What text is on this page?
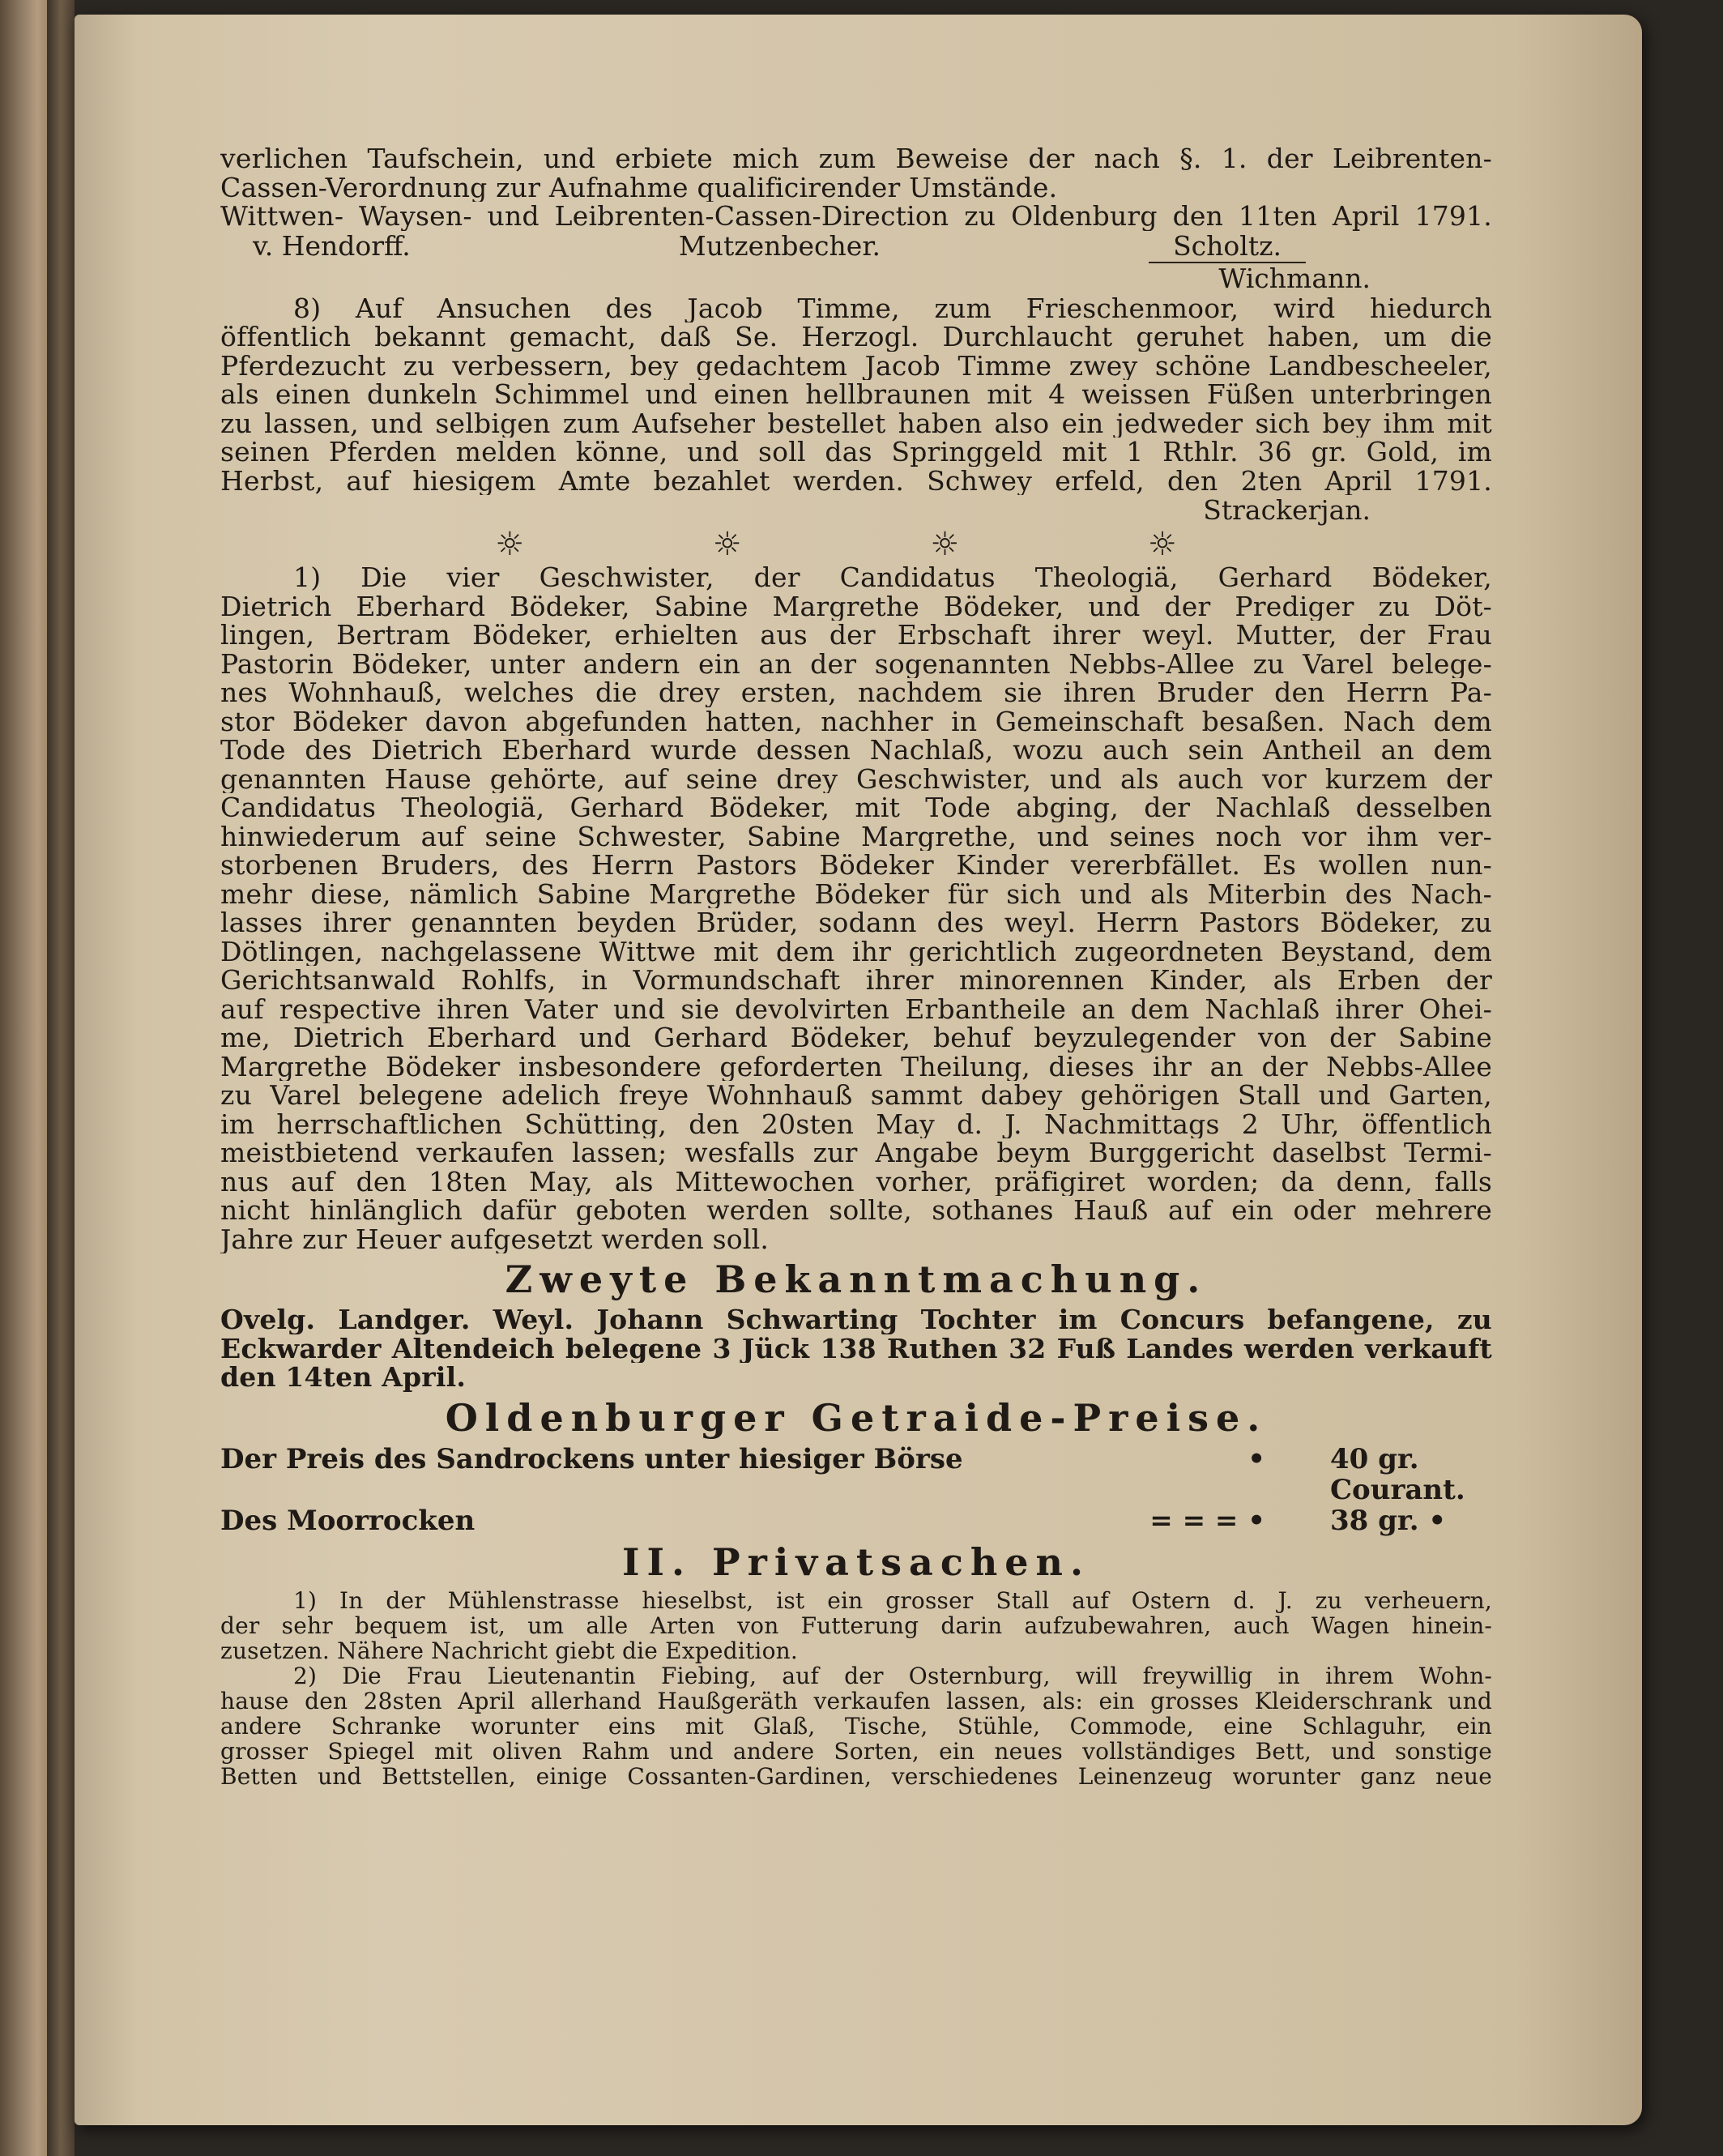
verlichen Taufschein, und erbiete mich zum Beweise der nach §. 1. der Leibrenten-
Cassen-Verordnung zur Aufnahme qualificirender Umstände.
Wittwen- Waysen- und Leibrenten-Cassen-Direction zu Oldenburg den 11ten April 1791.
v. Hendorff.	Mutzenbecher.	Scholtz.
Wichmann.
8) Auf Ansuchen des Jacob Timme, zum Frieschenmoor, wird hiedurch
öffentlich bekannt gemacht, daß Se. Herzogl. Durchlaucht geruhet haben, um die
Pferdezucht zu verbessern, bey gedachtem Jacob Timme zwey schöne Landbescheeler,
als einen dunkeln Schimmel und einen hellbraunen mit 4 weissen Füßen unterbringen
zu lassen, und selbigen zum Aufseher bestellet haben also ein jedweder sich bey ihm mit
seinen Pferden melden könne, und soll das Springgeld mit 1 Rthlr. 36 gr. Gold, im
Herbst, auf hiesigem Amte bezahlet werden. Schwey erfeld, den 2ten April 1791.
Strackerjan.
☼ ☼ ☼ ☼
1) Die vier Geschwister, der Candidatus Theologiä, Gerhard Bödeker,
Dietrich Eberhard Bödeker, Sabine Margrethe Bödeker, und der Prediger zu Döt-
lingen, Bertram Bödeker, erhielten aus der Erbschaft ihrer weyl. Mutter, der Frau
Pastorin Bödeker, unter andern ein an der sogenannten Nebbs-Allee zu Varel belege-
nes Wohnhauß, welches die drey ersten, nachdem sie ihren Bruder den Herrn Pa-
stor Bödeker davon abgefunden hatten, nachher in Gemeinschaft besaßen. Nach dem
Tode des Dietrich Eberhard wurde dessen Nachlaß, wozu auch sein Antheil an dem
genannten Hause gehörte, auf seine drey Geschwister, und als auch vor kurzem der
Candidatus Theologiä, Gerhard Bödeker, mit Tode abging, der Nachlaß desselben
hinwiederum auf seine Schwester, Sabine Margrethe, und seines noch vor ihm ver-
storbenen Bruders, des Herrn Pastors Bödeker Kinder vererbfället. Es wollen nun-
mehr diese, nämlich Sabine Margrethe Bödeker für sich und als Miterbin des Nach-
lasses ihrer genannten beyden Brüder, sodann des weyl. Herrn Pastors Bödeker, zu
Dötlingen, nachgelassene Wittwe mit dem ihr gerichtlich zugeordneten Beystand, dem
Gerichtsanwald Rohlfs, in Vormundschaft ihrer minorennen Kinder, als Erben der
auf respective ihren Vater und sie devolvirten Erbantheile an dem Nachlaß ihrer Ohei-
me, Dietrich Eberhard und Gerhard Bödeker, behuf beyzulegender von der Sabine
Margrethe Bödeker insbesondere geforderten Theilung, dieses ihr an der Nebbs-Allee
zu Varel belegene adelich freye Wohnhauß sammt dabey gehörigen Stall und Garten,
im herrschaftlichen Schütting, den 20sten May d. J. Nachmittags 2 Uhr, öffentlich
meistbietend verkaufen lassen; wesfalls zur Angabe beym Burggericht daselbst Termi-
nus auf den 18ten May, als Mittewochen vorher, präfigiret worden; da denn, falls
nicht hinlänglich dafür geboten werden sollte, sothanes Hauß auf ein oder mehrere
Jahre zur Heuer aufgesetzt werden soll.
Zweyte Bekanntmachung.
Ovelg. Landger. Weyl. Johann Schwarting Tochter im Concurs befangene, zu
Eckwarder Altendeich belegene 3 Jück 138 Ruthen 32 Fuß Landes werden verkauft
den 14ten April.
Oldenburger Getraide-Preise.
Der Preis des Sandrockens unter hiesiger Börse	•	40 gr. Courant.
Des Moorrocken	= = = •	38 gr. •
II. Privatsachen.
1) In der Mühlenstrasse hieselbst, ist ein grosser Stall auf Ostern d. J. zu verheuern,
der sehr bequem ist, um alle Arten von Futterung darin aufzubewahren, auch Wagen hinein-
zusetzen. Nähere Nachricht giebt die Expedition.
2) Die Frau Lieutenantin Fiebing, auf der Osternburg, will freywillig in ihrem Wohn-
hause den 28sten April allerhand Haußgeräth verkaufen lassen, als: ein grosses Kleiderschrank und
andere Schranke worunter eins mit Glaß, Tische, Stühle, Commode, eine Schlaguhr, ein
grosser Spiegel mit oliven Rahm und andere Sorten, ein neues vollständiges Bett, und sonstige
Betten und Bettstellen, einige Cossanten-Gardinen, verschiedenes Leinenzeug worunter ganz neue
